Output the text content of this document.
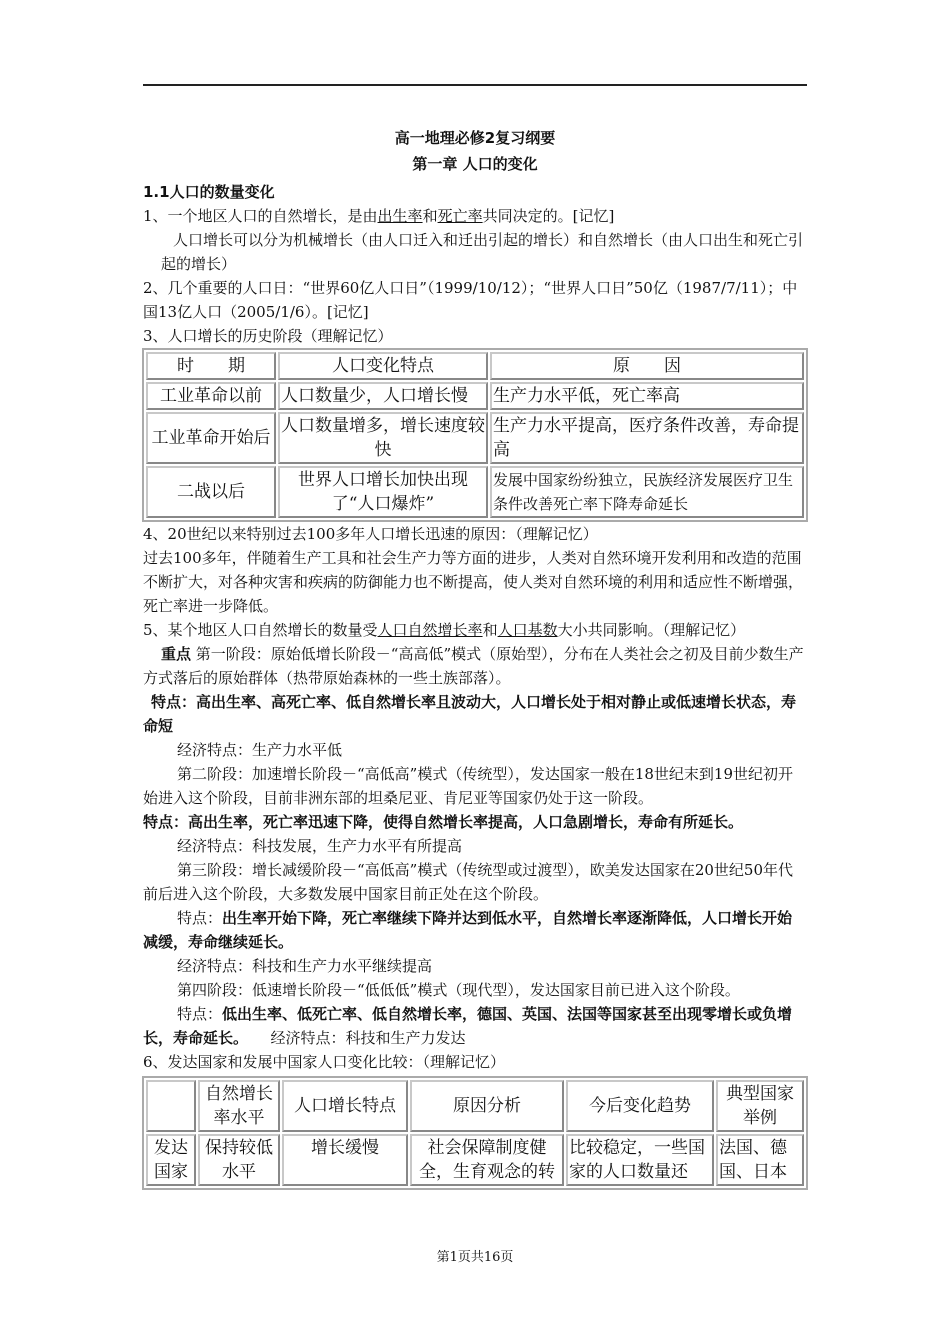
高一地理必修2复习纲要

第一章 人口的变化

1.1人口的数量变化

1、一个地区人口的自然增长，是由出生率和死亡率共同决定的。[记忆]

人口增长可以分为机械增长（由人口迁入和迁出引起的增长）和自然增长（由人口出生和死亡引起的增长）

2、几个重要的人口日：“世界60亿人口日”（1999/10/12）；“世界人口日”50亿（1987/7/11）；中国13亿人口（2005/1/6）。[记忆]

3、人口增长的历史阶段（理解记忆）

时　　期	人口变化特点	原　　因
工业革命以前	人口数量少，人口增长慢	生产力水平低，死亡率高
工业革命开始后	人口数量增多，增长速度较快	生产力水平提高，医疗条件改善，寿命提高
二战以后	世界人口增长加快出现了“人口爆炸”	发展中国家纷纷独立，民族经济发展医疗卫生条件改善死亡率下降寿命延长

4、20世纪以来特别过去100多年人口增长迅速的原因：（理解记忆）

过去100多年，伴随着生产工具和社会生产力等方面的进步，人类对自然环境开发利用和改造的范围不断扩大，对各种灾害和疾病的防御能力也不断提高，使人类对自然环境的利用和适应性不断增强，死亡率进一步降低。

5、某个地区人口自然增长的数量受人口自然增长率和人口基数大小共同影响。（理解记忆）

重点 第一阶段：原始低增长阶段－“高高低”模式（原始型），分布在人类社会之初及目前少数生产方式落后的原始群体（热带原始森林的一些土族部落）。

特点：高出生率、高死亡率、低自然增长率且波动大，人口增长处于相对静止或低速增长状态，寿命短

经济特点：生产力水平低

第二阶段：加速增长阶段－“高低高”模式（传统型），发达国家一般在18世纪末到19世纪初开始进入这个阶段，目前非洲东部的坦桑尼亚、肯尼亚等国家仍处于这一阶段。

特点：高出生率，死亡率迅速下降，使得自然增长率提高，人口急剧增长，寿命有所延长。

经济特点：科技发展，生产力水平有所提高

第三阶段：增长减缓阶段－“高低高”模式（传统型或过渡型），欧美发达国家在20世纪50年代前后进入这个阶段，大多数发展中国家目前正处在这个阶段。

特点：出生率开始下降，死亡率继续下降并达到低水平，自然增长率逐渐降低，人口增长开始减缓，寿命继续延长。

经济特点：科技和生产力水平继续提高

第四阶段：低速增长阶段－“低低低”模式（现代型），发达国家目前已进入这个阶段。

特点：低出生率、低死亡率、低自然增长率，德国、英国、法国等国家甚至出现零增长或负增长，寿命延长。　　 经济特点：科技和生产力发达

6、发达国家和发展中国家人口变化比较：（理解记忆）

	自然增长率水平	人口增长特点	原因分析	今后变化趋势	典型国家举例
发达国家	保持较低水平	增长缓慢	社会保障制度健全，生育观念的转	比较稳定，一些国家的人口数量还	法国、德国、日本
第1页共16页
